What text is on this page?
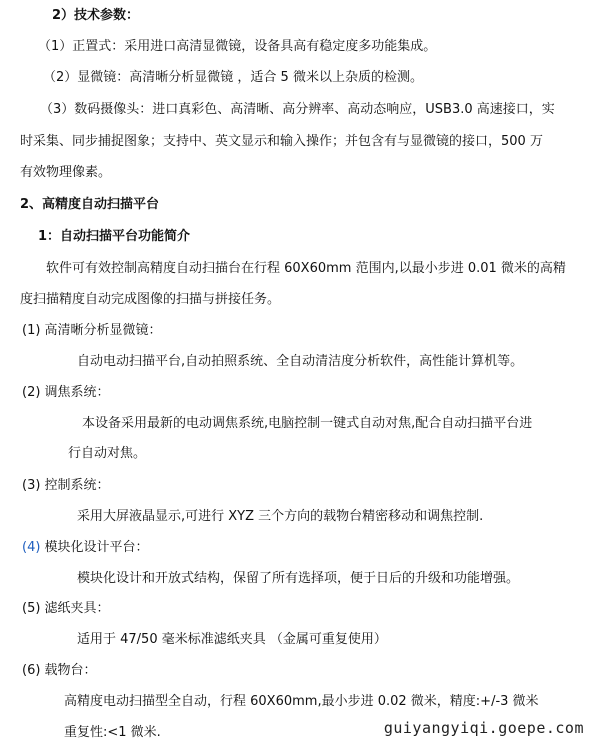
2）技术参数：
（1）正置式：采用进口高清显微镜，设备具高有稳定度多功能集成。
（2）显微镜：高清晰分析显微镜 ，适合 5 微米以上杂质的检测。
（3）数码摄像头：进口真彩色、高清晰、高分辨率、高动态响应，USB3.0 高速接口，实
时采集、同步捕捉图象；支持中、英文显示和输入操作；并包含有与显微镜的接口，500 万
有效物理像素。
2、高精度自动扫描平台
1：自动扫描平台功能简介
软件可有效控制高精度自动扫描台在行程 60X60mm 范围内,以最小步进 0.01 微米的高精
度扫描精度自动完成图像的扫描与拼接任务。
(1) 高清晰分析显微镜：
自动电动扫描平台,自动拍照系统、全自动清洁度分析软件，高性能计算机等。
(2) 调焦系统：
本设备采用最新的电动调焦系统,电脑控制一键式自动对焦,配合自动扫描平台进
行自动对焦。
(3) 控制系统：
采用大屏液晶显示,可进行 XYZ 三个方向的载物台精密移动和调焦控制.
(4) 模块化设计平台：
模块化设计和开放式结构，保留了所有选择项，便于日后的升级和功能增强。
(5) 滤纸夹具：
适用于 47/50 毫米标准滤纸夹具 （金属可重复使用）
(6) 载物台：
高精度电动扫描型全自动，行程 60X60mm,最小步进 0.02 微米，精度:+/-3 微米
重复性:<1 微米.	guiyangyiqi.goepe.com
